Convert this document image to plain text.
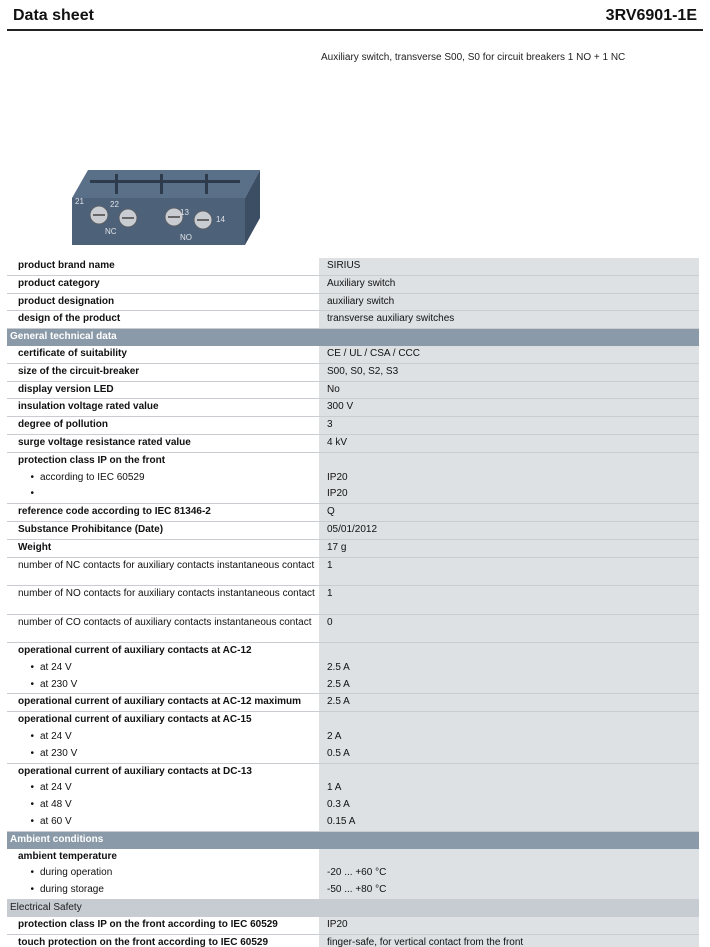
Data sheet	3RV6901-1E
Auxiliary switch, transverse S00, S0 for circuit breakers 1 NO + 1 NC
21	22
13
14
NC
NO
product brand name	SIRIUS
product category	Auxiliary switch
product designation	auxiliary switch
design of the product	transverse auxiliary switches
General technical data	
certificate of suitability	CE / UL / CSA / CCC
size of the circuit-breaker	S00, S0, S2, S3
display version LED	No
insulation voltage rated value	300 V
degree of pollution	3
surge voltage resistance rated value	4 kV
protection class IP on the front	
• according to IEC 60529	IP20
•	IP20
reference code according to IEC 81346-2	Q
Substance Prohibitance (Date)	05/01/2012
Weight	17 g
number of NC contacts for auxiliary contacts instantaneous contact	1
number of NO contacts for auxiliary contacts instantaneous contact	1
number of CO contacts of auxiliary contacts instantaneous contact	0
operational current of auxiliary contacts at AC-12	
• at 24 V	2.5 A
• at 230 V	2.5 A
operational current of auxiliary contacts at AC-12 maximum	2.5 A
operational current of auxiliary contacts at AC-15	
• at 24 V	2 A
• at 230 V	0.5 A
operational current of auxiliary contacts at DC-13	
• at 24 V	1 A
• at 48 V	0.3 A
• at 60 V	0.15 A
Ambient conditions	
ambient temperature	
• during operation	-20 ... +60 °C
• during storage	-50 ... +80 °C
Electrical Safety	
protection class IP on the front according to IEC 60529	IP20
touch protection on the front according to IEC 60529	finger-safe, for vertical contact from the front
